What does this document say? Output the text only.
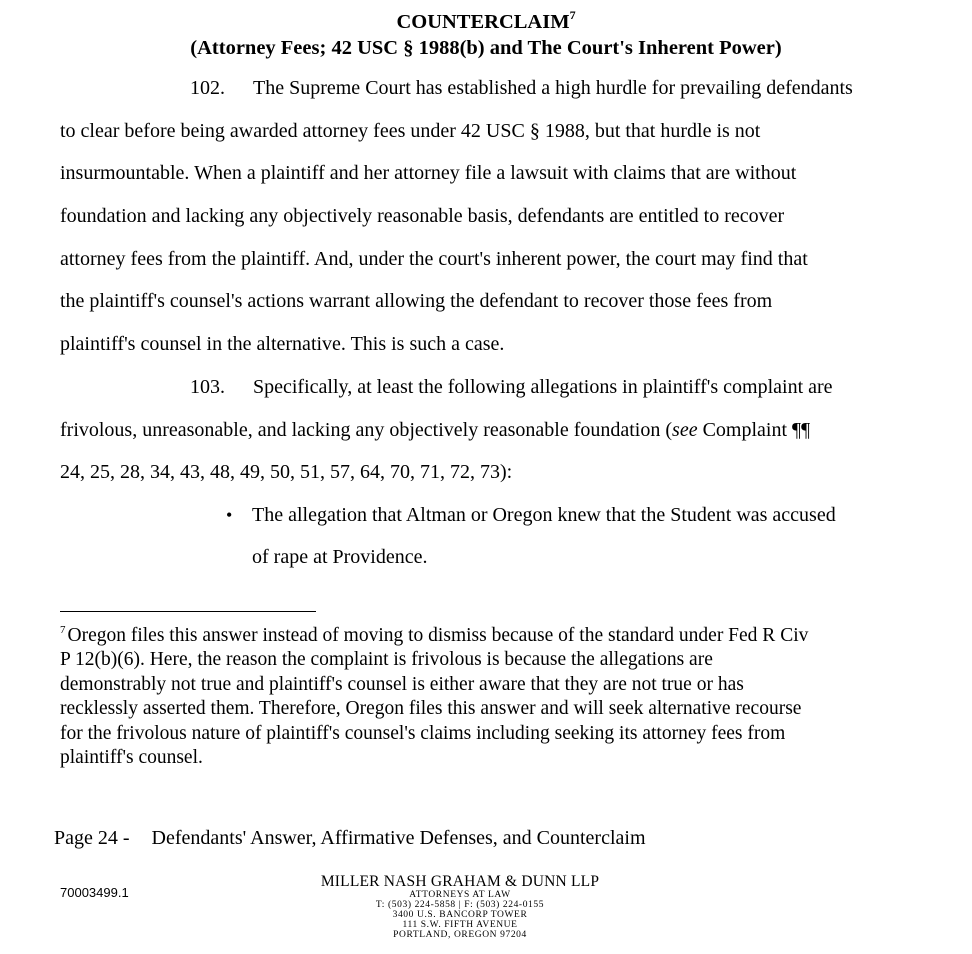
COUNTERCLAIM$^7$
(Attorney Fees; 42 USC § 1988(b) and The Court's Inherent Power)
102. The Supreme Court has established a high hurdle for prevailing defendants
to clear before being awarded attorney fees under 42 USC § 1988, but that hurdle is not
insurmountable. When a plaintiff and her attorney file a lawsuit with claims that are without
foundation and lacking any objectively reasonable basis, defendants are entitled to recover
attorney fees from the plaintiff. And, under the court's inherent power, the court may find that
the plaintiff's counsel's actions warrant allowing the defendant to recover those fees from
plaintiff's counsel in the alternative. This is such a case.
103. Specifically, at least the following allegations in plaintiff's complaint are
frivolous, unreasonable, and lacking any objectively reasonable foundation (see Complaint ¶¶
24, 25, 28, 34, 43, 48, 49, 50, 51, 57, 64, 70, 71, 72, 73):
• The allegation that Altman or Oregon knew that the Student was accused
of rape at Providence.
$^7$ Oregon files this answer instead of moving to dismiss because of the standard under Fed R Civ
P 12(b)(6). Here, the reason the complaint is frivolous is because the allegations are
demonstrably not true and plaintiff's counsel is either aware that they are not true or has
recklessly asserted them. Therefore, Oregon files this answer and will seek alternative recourse
for the frivolous nature of plaintiff's counsel's claims including seeking its attorney fees from
plaintiff's counsel.
Page 24 - Defendants' Answer, Affirmative Defenses, and Counterclaim
70003499.1
MILLER NASH GRAHAM & DUNN LLP
ATTORNEYS AT LAW
T: (503) 224-5858 | F: (503) 224-0155
3400 U.S. BANCORP TOWER
111 S.W. FIFTH AVENUE
PORTLAND, OREGON 97204
